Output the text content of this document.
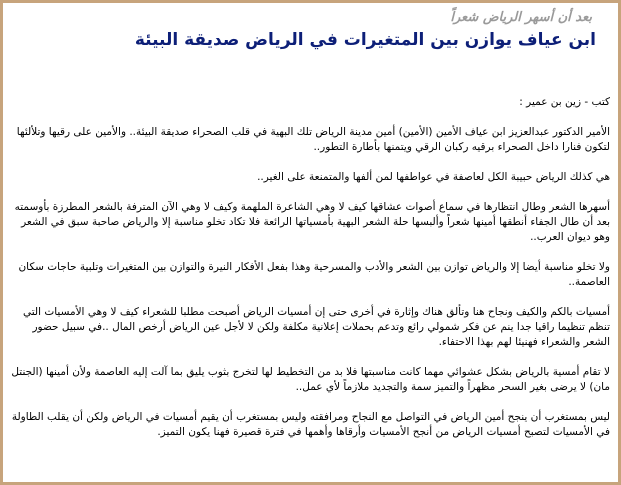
بعد أن أسهر الرياض شعراً
ابن عياف يوازن بين المتغيرات في الرياض صديقة البيئة

كتب - زين بن عمير :

الأمير الدكتور عبدالعزيز ابن عياف الأمين (الأمين) أمين مدينة الرياض تلك البهية في قلب الصحراء صديقة البيئة.. والأمين على رقيها وتلألئها لتكون فنارا داخل الصحراء برقيه ركبان الرقي ويتمنها بأطارة التطور..

هي كذلك الرياض حبيبة الكل لعاصفة في عواطفها لمن ألفها والمتمنعة على الغير..

أسهرها الشعر وطال انتظارها في سماع أصوات عشاقها كيف لا وهي الشاعرة الملهمة وكيف لا وهي الآن المترفة بالشعر المطرزة بأوسمته بعد أن طال الجفاء أنطقها أمينها شعراً وألبسها حلة الشعر البهية بأمسياتها الرائعة فلا تكاد تخلو مناسبة إلا والرياض صاحبة سبق في الشعر وهو ديوان العرب..

ولا تخلو مناسبة أيضا إلا والرياض توازن بين الشعر والأدب والمسرحية وهذا بفعل الأفكار النيرة والتوازن بين المتغيرات وتلبية حاجات سكان العاصمة..

أمسيات بالكم والكيف ونجاح هنا وتألق هناك وإثارة في أخرى حتى إن أمسيات الرياض أصبحت مطلبا للشعراء كيف لا وهي الأمسيات التي تنظم تنظيما راقيا جدا ينم عن فكر شمولي رائع وتدعم بحملات إعلانية مكلفة ولكن لا لأجل عين الرياض أرخص المال ..في سبيل حضور الشعر والشعراء فهنيئا لهم بهذا الاحتفاء.

لا تقام أمسية بالرياض بشكل عشوائي مهما كانت مناسبتها فلا بد من التخطيط لها لتخرج بثوب يليق بما آلت إليه العاصمة ولأن أمينها (الجنتل مان) لا يرضى بغير السحر مظهراً والتميز سمة والتجديد ملازماً لأي عمل..

ليس بمستغرب أن ينجح أمين الرياض في التواصل مع النجاح ومرافقته وليس بمستغرب أن يقيم أمسيات في الرياض ولكن أن يقلب الطاولة في الأمسيات لتصبح أمسيات الرياض من أنجح الأمسيات وأرقاها وأهمها في فترة قصيرة فهنا يكون التميز.
